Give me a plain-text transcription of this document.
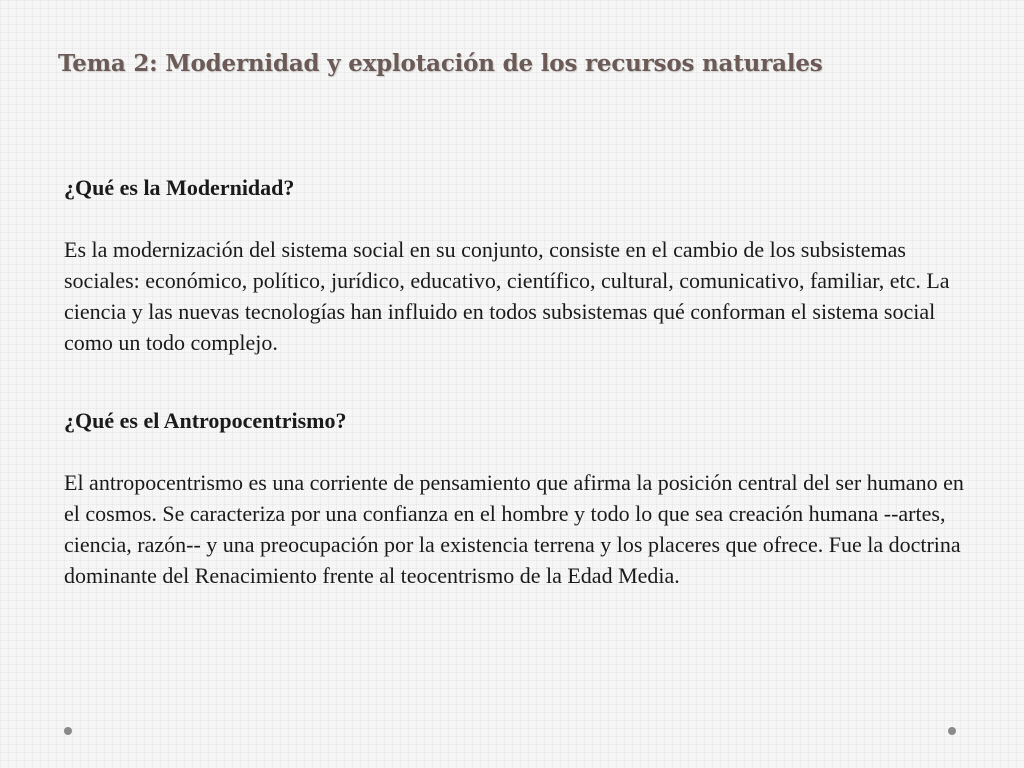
Tema 2: Modernidad y explotación de los recursos naturales

¿Qué es la Modernidad?

Es la modernización del sistema social en su conjunto, consiste en el cambio de los subsistemas sociales: económico, político, jurídico, educativo, científico, cultural, comunicativo, familiar, etc. La ciencia y las nuevas tecnologías han influido en todos subsistemas qué conforman el sistema social como un todo complejo.

¿Qué es el Antropocentrismo?

El antropocentrismo es una corriente de pensamiento que afirma la posición central del ser humano en el cosmos. Se caracteriza por una confianza en el hombre y todo lo que sea creación humana --artes, ciencia, razón-- y una preocupación por la existencia terrena y los placeres que ofrece. Fue la doctrina dominante del Renacimiento frente al teocentrismo de la Edad Media.
